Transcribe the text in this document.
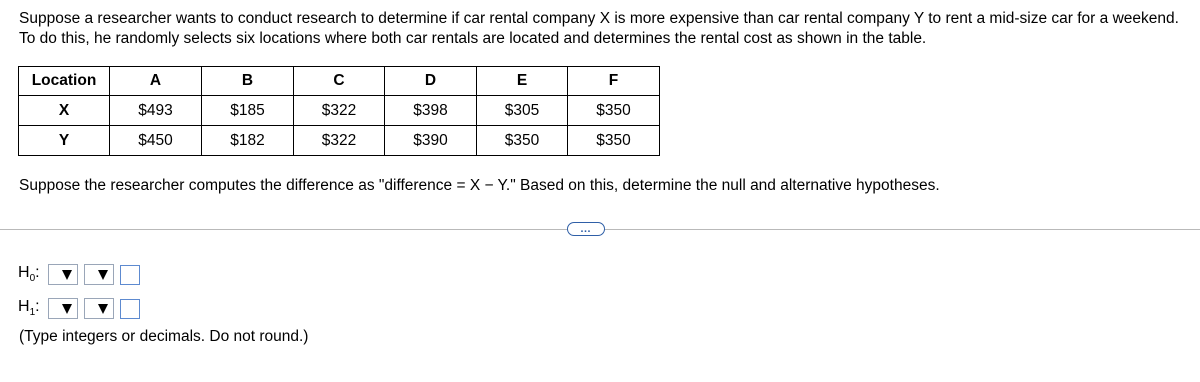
Suppose a researcher wants to conduct research to determine if car rental company X is more expensive than car rental company Y to rent a mid-size car for a weekend. To do this, he randomly selects six locations where both car rentals are located and determines the rental cost as shown in the table.
Location	A	B	C	D	E	F
X	$493	$185	$322	$398	$305	$350
Y	$450	$182	$322	$390	$350	$350
Suppose the researcher computes the difference as "difference = X − Y." Based on this, determine the null and alternative hypotheses.
…
$H_0$:
$H_1$:
(Type integers or decimals. Do not round.)
